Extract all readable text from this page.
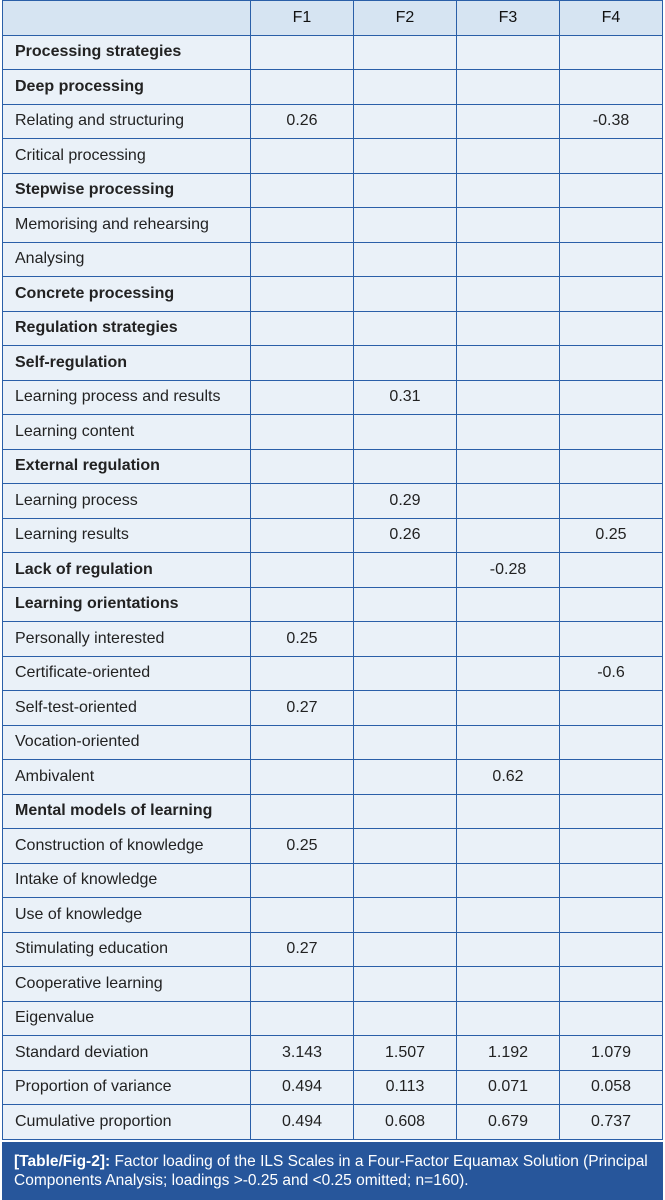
	F1	F2	F3	F4
Processing strategies				
Deep processing				
Relating and structuring	0.26			-0.38
Critical processing				
Stepwise processing				
Memorising and rehearsing				
Analysing				
Concrete processing				
Regulation strategies				
Self-regulation				
Learning process and results		0.31		
Learning content				
External regulation				
Learning process		0.29		
Learning results		0.26		0.25
Lack of regulation			-0.28	
Learning orientations				
Personally interested	0.25			
Certificate-oriented				-0.6
Self-test-oriented	0.27			
Vocation-oriented				
Ambivalent			0.62	
Mental models of learning				
Construction of knowledge	0.25			
Intake of knowledge				
Use of knowledge				
Stimulating education	0.27			
Cooperative learning				
Eigenvalue				
Standard deviation	3.143	1.507	1.192	1.079
Proportion of variance	0.494	0.113	0.071	0.058
Cumulative proportion	0.494	0.608	0.679	0.737
[Table/Fig-2]: Factor loading of the ILS Scales in a Four-Factor Equamax Solution (Principal Components Analysis; loadings >-0.25 and <0.25 omitted; n=160).
